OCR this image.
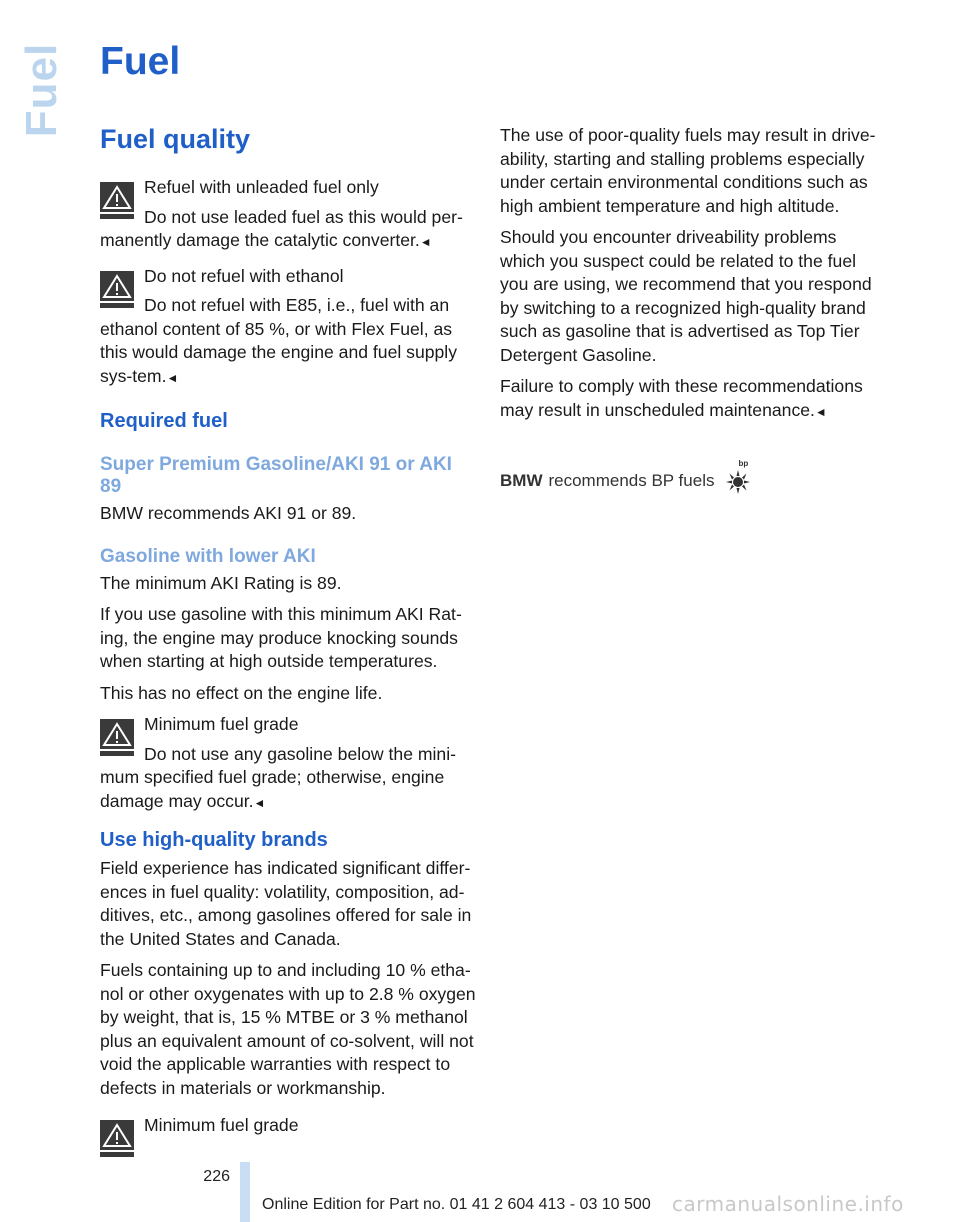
Fuel Fuel
Fuel quality
Refuel with unleaded fuel only

Do not use leaded fuel as this would per-manently damage the catalytic converter.◄

Do not refuel with ethanol

Do not refuel with E85, i.e., fuel with an ethanol content of 85 %, or with Flex Fuel, as this would damage the engine and fuel supply sys-tem.◄

Required fuel
Super Premium Gasoline/AKI 91 or AKI 89

BMW recommends AKI 91 or 89.

Gasoline with lower AKI

The minimum AKI Rating is 89.

If you use gasoline with this minimum AKI Rat-ing, the engine may produce knocking sounds when starting at high outside temperatures.

This has no effect on the engine life.

Minimum fuel grade

Do not use any gasoline below the mini-mum specified fuel grade; otherwise, engine damage may occur.◄

Use high-quality brands

Field experience has indicated significant differ-ences in fuel quality: volatility, composition, ad-ditives, etc., among gasolines offered for sale in the United States and Canada.

Fuels containing up to and including 10 % etha-nol or other oxygenates with up to 2.8 % oxygen by weight, that is, 15 % MTBE or 3 % methanol plus an equivalent amount of co-solvent, will not void the applicable warranties with respect to defects in materials or workmanship.

Minimum fuel grade

The use of poor-quality fuels may result in drive-ability, starting and stalling problems especially under certain environmental conditions such as high ambient temperature and high altitude.

Should you encounter driveability problems which you suspect could be related to the fuel you are using, we recommend that you respond by switching to a recognized high-quality brand such as gasoline that is advertised as Top Tier Detergent Gasoline.

Failure to comply with these recommendations may result in unscheduled maintenance.◄

BMW recommends BP fuels
bp
226
Online Edition for Part no. 01 41 2 604 413 - 03 10 500 carmanualsonline.info
